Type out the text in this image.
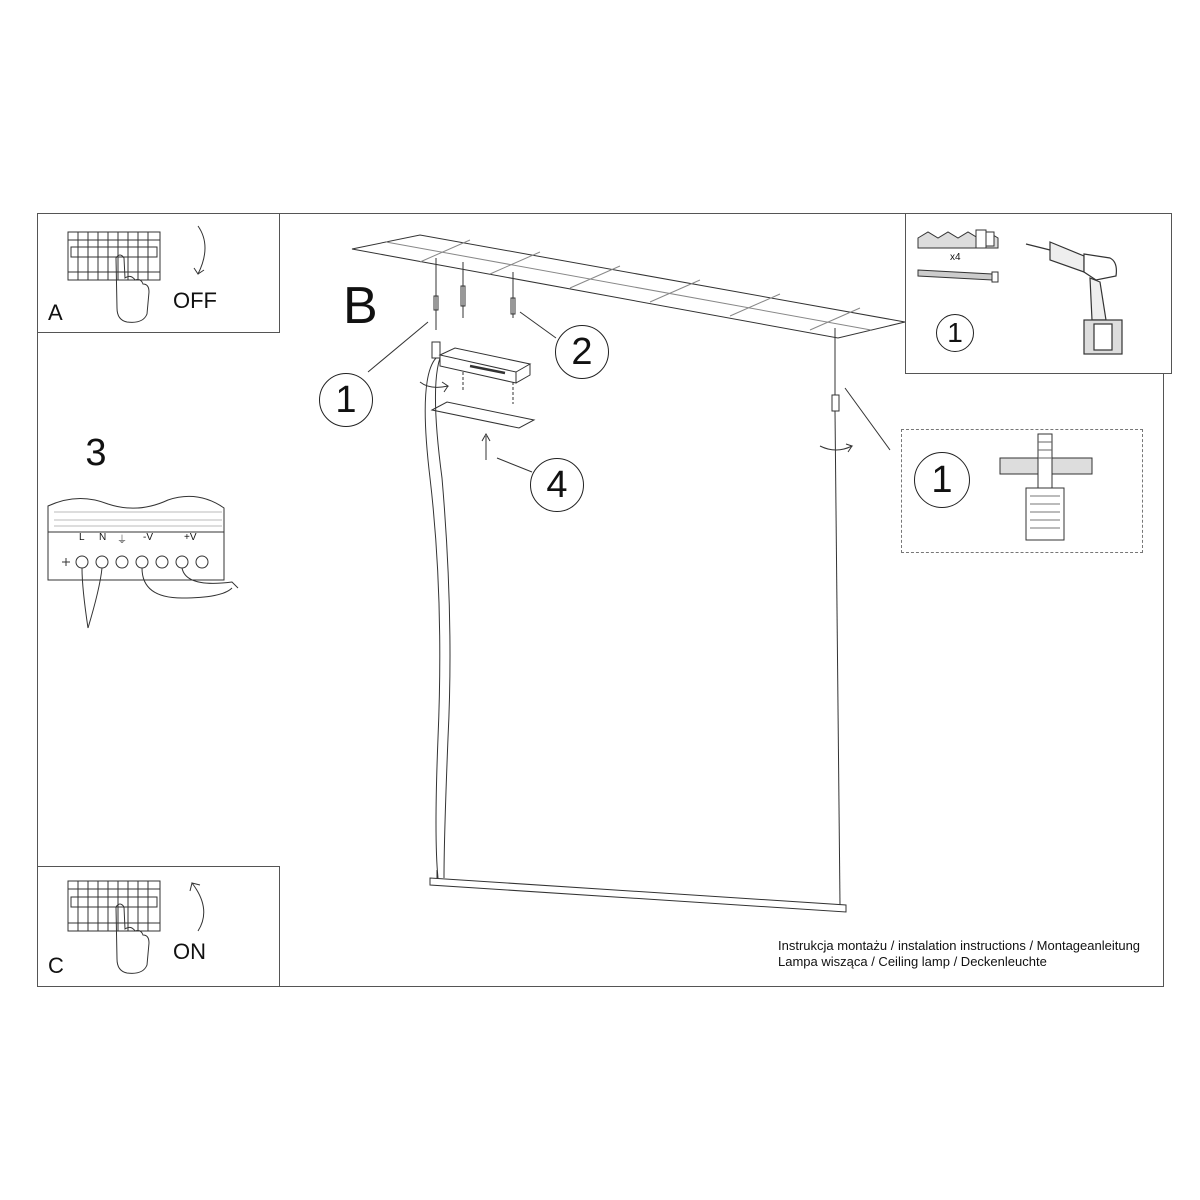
A	OFF
C
ON
3
L N ⏚ -V	+V
B
1
2
4
x4
1
1
Instrukcja montażu / instalation instructions / Montageanleitung
Lampa wisząca / Ceiling lamp / Deckenleuchte
